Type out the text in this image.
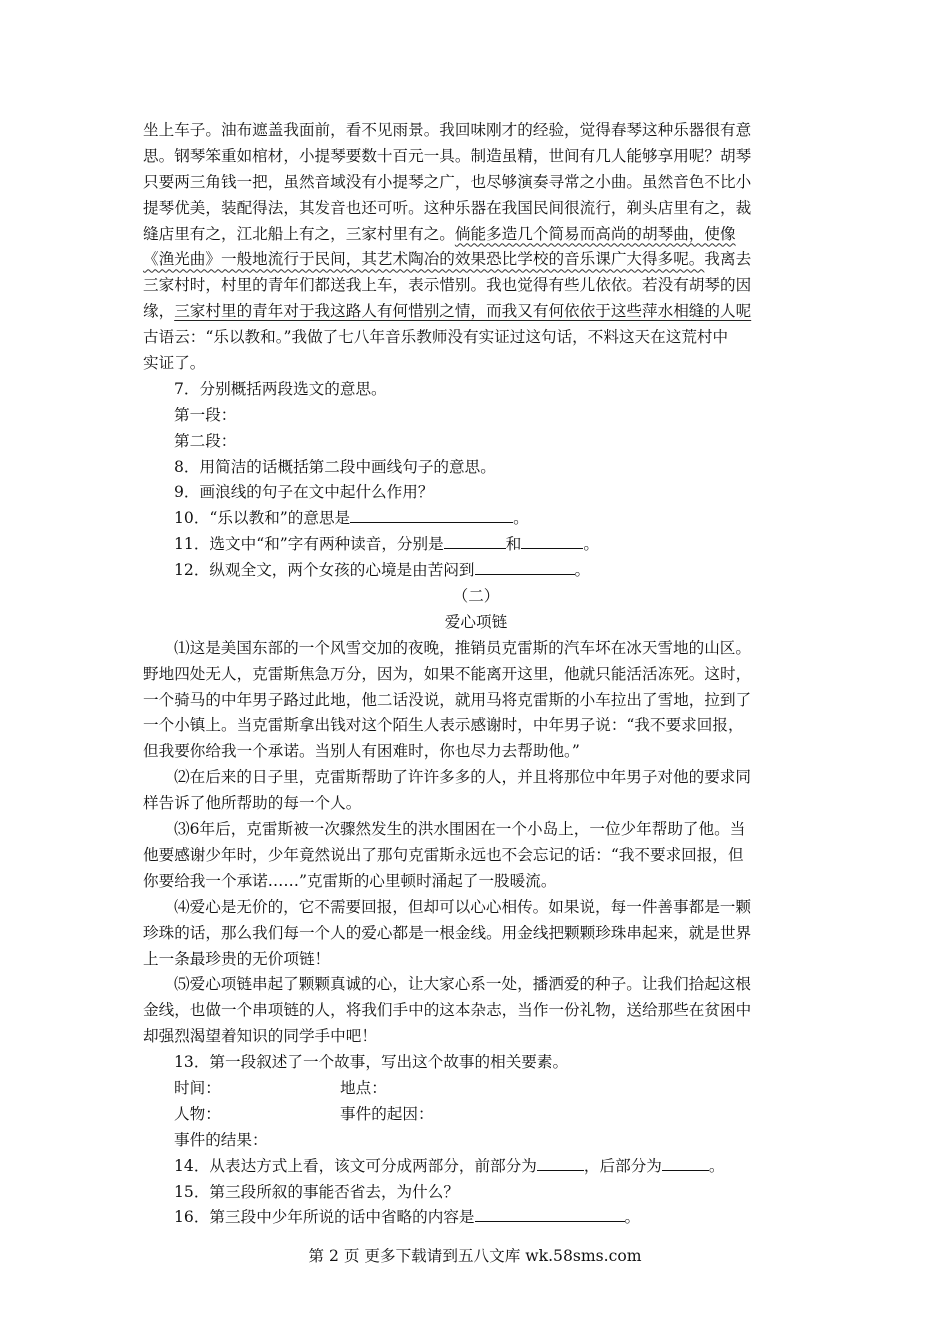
坐上车子。油布遮盖我面前，看不见雨景。我回味刚才的经验，觉得春琴这种乐器很有意
思。钢琴笨重如棺材，小提琴要数十百元一具。制造虽精，世间有几人能够享用呢？胡琴
只要两三角钱一把，虽然音域没有小提琴之广，也尽够演奏寻常之小曲。虽然音色不比小
提琴优美，装配得法，其发音也还可听。这种乐器在我国民间很流行，剃头店里有之，裁
缝店里有之，江北船上有之，三家村里有之。倘能多造几个简易而高尚的胡琴曲，使像
《渔光曲》一般地流行于民间，其艺术陶冶的效果恐比学校的音乐课广大得多呢。我离去
三家村时，村里的青年们都送我上车，表示惜别。我也觉得有些儿依依。若没有胡琴的因
缘，三家村里的青年对于我这路人有何惜别之情，而我又有何依依于这些萍水相缝的人呢
古语云：“乐以教和。”我做了七八年音乐教师没有实证过这句话，不料这天在这荒村中
实证了。
7．分别概括两段选文的意思。
第一段：
第二段：
8．用简洁的话概括第二段中画线句子的意思。
9．画浪线的句子在文中起什么作用？
10．“乐以教和”的意思是	。
11．选文中“和”字有两种读音，分别是	和	。
12．纵观全文，两个女孩的心境是由苦闷到	。
（二）
爱心项链
⑴这是美国东部的一个风雪交加的夜晚，推销员克雷斯的汽车坏在冰天雪地的山区。
野地四处无人，克雷斯焦急万分，因为，如果不能离开这里，他就只能活活冻死。这时，
一个骑马的中年男子路过此地，他二话没说，就用马将克雷斯的小车拉出了雪地，拉到了
一个小镇上。当克雷斯拿出钱对这个陌生人表示感谢时，中年男子说：“我不要求回报，
但我要你给我一个承诺。当别人有困难时，你也尽力去帮助他。”
⑵在后来的日子里，克雷斯帮助了许许多多的人，并且将那位中年男子对他的要求同
样告诉了他所帮助的每一个人。
⑶6年后，克雷斯被一次骤然发生的洪水围困在一个小岛上，一位少年帮助了他。当
他要感谢少年时，少年竟然说出了那句克雷斯永远也不会忘记的话：“我不要求回报，但
你要给我一个承诺……”克雷斯的心里顿时涌起了一股暖流。
⑷爱心是无价的，它不需要回报，但却可以心心相传。如果说，每一件善事都是一颗
珍珠的话，那么我们每一个人的爱心都是一根金线。用金线把颗颗珍珠串起来，就是世界
上一条最珍贵的无价项链！
⑸爱心项链串起了颗颗真诚的心，让大家心系一处，播洒爱的种子。让我们拾起这根
金线，也做一个串项链的人，将我们手中的这本杂志，当作一份礼物，送给那些在贫困中
却强烈渴望着知识的同学手中吧！
13．第一段叙述了一个故事，写出这个故事的相关要素。
时间：	地点：
人物：	事件的起因：
事件的结果：
14．从表达方式上看，该文可分成两部分，前部分为	，后部分为	。
15．第三段所叙的事能否省去，为什么？
16．第三段中少年所说的话中省略的内容是	。
第 2 页 更多下载请到五八文库 wk.58sms.com
